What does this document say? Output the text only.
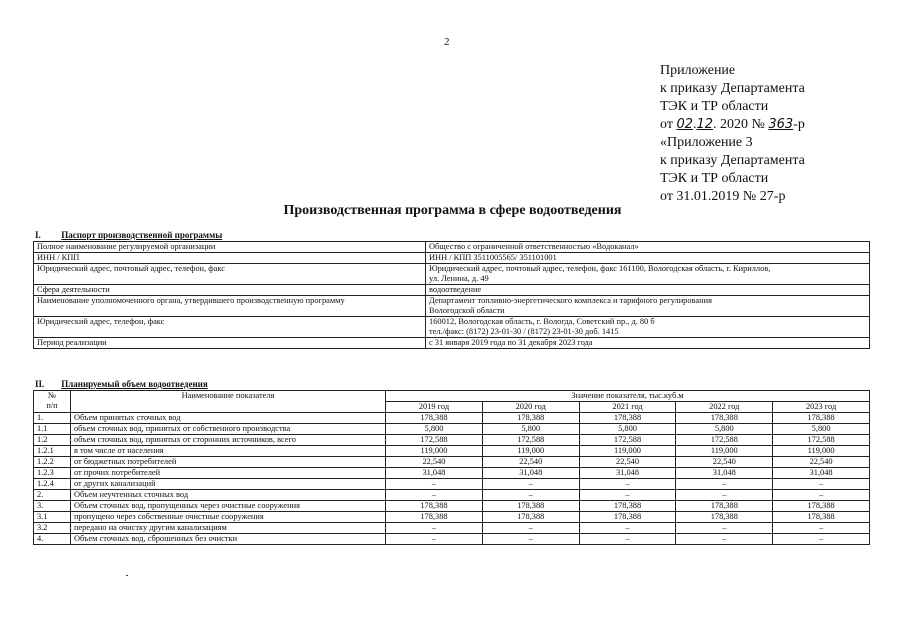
2
Приложение
к приказу Департамента
ТЭК и ТР области
от 02.12. 2020 № 363-р
«Приложение 3
к приказу Департамента
ТЭК и ТР области
от 31.01.2019 № 27-р
Производственная программа в сфере водоотведения
I. Паспорт производственной программы
Полное наименование регулируемой организации	Общество с ограниченной ответственностью «Водоканал»

ИНН / КПП	ИНН / КПП 3511005565/ 351101001

Юридический адрес, почтовый адрес, телефон, факс	Юридический адрес, почтовый адрес, телефон, факс 161100, Вологодская область, г. Кириллов,
ул. Ленина, д. 49

Сфера деятельности	водоотведение

Наименование уполномоченного органа, утвердившего производственную программу	Департамент топливно-энергетического комплекса и тарифного регулирования
Вологодской области

Юридический адрес, телефон, факс	160012, Вологодская область, г. Вологда, Советский пр., д. 80 б
тел./факс: (8172) 23-01-30 / (8172) 23-01-30 доб. 1415

Период реализации	с 31 января 2019 года по 31 декабря 2023 года
II. Планируемый объем водоотведения
№
п/п	Наименование показателя	Значение показателя, тыс.куб.м				
		2019 год	2020 год	2021 год	2022 год	2023 год
1.	Объем принятых сточных вод	178,388	178,388	178,388	178,388	178,388
1.1	объем сточных вод, принятых от собственного производства	5,800	5,800	5,800	5,800	5,800
1.2	объем сточных вод, принятых от сторонних источников, всего	172,588	172,588	172,588	172,588	172,588
1.2.1	в том числе от населения	119,000	119,000	119,000	119,000	119,000
1.2.2	от бюджетных потребителей	22,540	22,540	22,540	22,540	22,540
1.2.3	от прочих потребителей	31,048	31,048	31,048	31,048	31,048
1.2.4	от других канализаций	–	–	–	–	–
2.	Объем неучтенных сточных вод	–	–	–	–	–
3.	Объем сточных вод, пропущенных через очистные сооружения	178,388	178,388	178,388	178,388	178,388
3.1	пропущено через собственные очистные сооружения	178,388	178,388	178,388	178,388	178,388
3.2	передано на очистку другим канализациям	–	–	–	–	–
4.	Объем сточных вод, сброшенных без очистки	–	–	–	–	–
